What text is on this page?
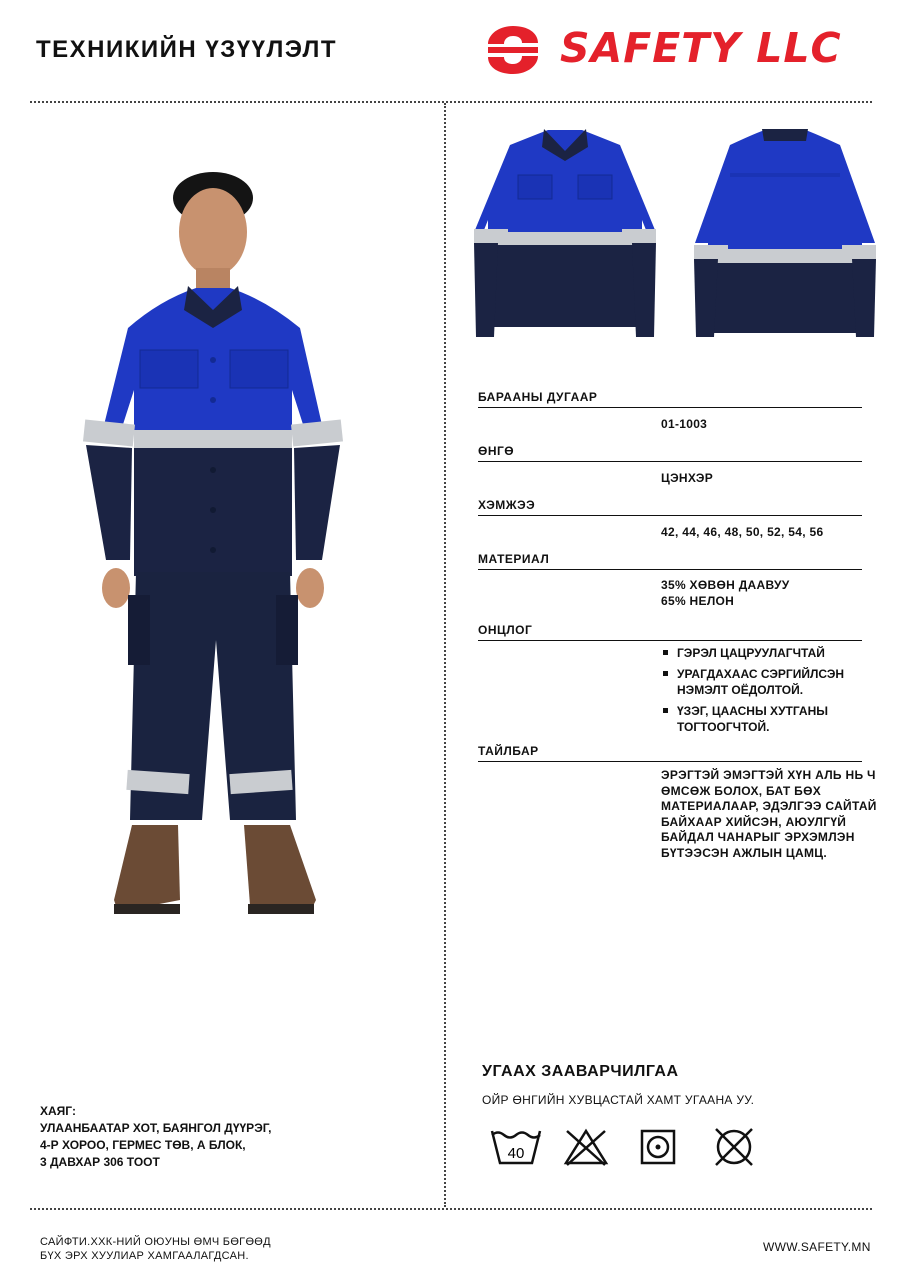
ТЕХНИКИЙН ҮЗҮҮЛЭЛТ	SAFETY LLC
БАРААНЫ ДУГААР
01-1003
ӨНГӨ
ЦЭНХЭР
ХЭМЖЭЭ
42, 44, 46, 48, 50, 52, 54, 56
МАТЕРИАЛ
35% ХӨВӨН ДААВУУ
65% НЕЛОН
ОНЦЛОГ
ГЭРЭЛ ЦАЦРУУЛАГЧТАЙ
УРАГДАХААС СЭРГИЙЛСЭН НЭМЭЛТ ОЁДОЛТОЙ.
ҮЗЭГ, ЦААСНЫ ХУТГАНЫ ТОГТООГЧТОЙ.
ТАЙЛБАР
ЭРЭГТЭЙ ЭМЭГТЭЙ ХҮН АЛЬ НЬ Ч ӨМСӨЖ БОЛОХ, БАТ БӨХ МАТЕРИАЛААР, ЭДЭЛГЭЭ САЙТАЙ БАЙХААР ХИЙСЭН, АЮУЛГҮЙ БАЙДАЛ ЧАНАРЫГ ЭРХЭМЛЭН БҮТЭЭСЭН АЖЛЫН ЦАМЦ.
УГААХ ЗААВАРЧИЛГАА
ОЙР ӨНГИЙН ХУВЦАСТАЙ ХАМТ УГААНА УУ.
40
ХАЯГ:
УЛААНБААТАР ХОТ, БАЯНГОЛ ДҮҮРЭГ,
4-Р ХОРОО, ГЕРМЕС ТӨВ, А БЛОК,
3 ДАВХАР 306 ТООТ
САЙФТИ.ХХК-НИЙ ОЮУНЫ ӨМЧ БӨГӨӨД
БҮХ ЭРХ ХУУЛИАР ХАМГААЛАГДСАН.
WWW.SAFETY.MN
